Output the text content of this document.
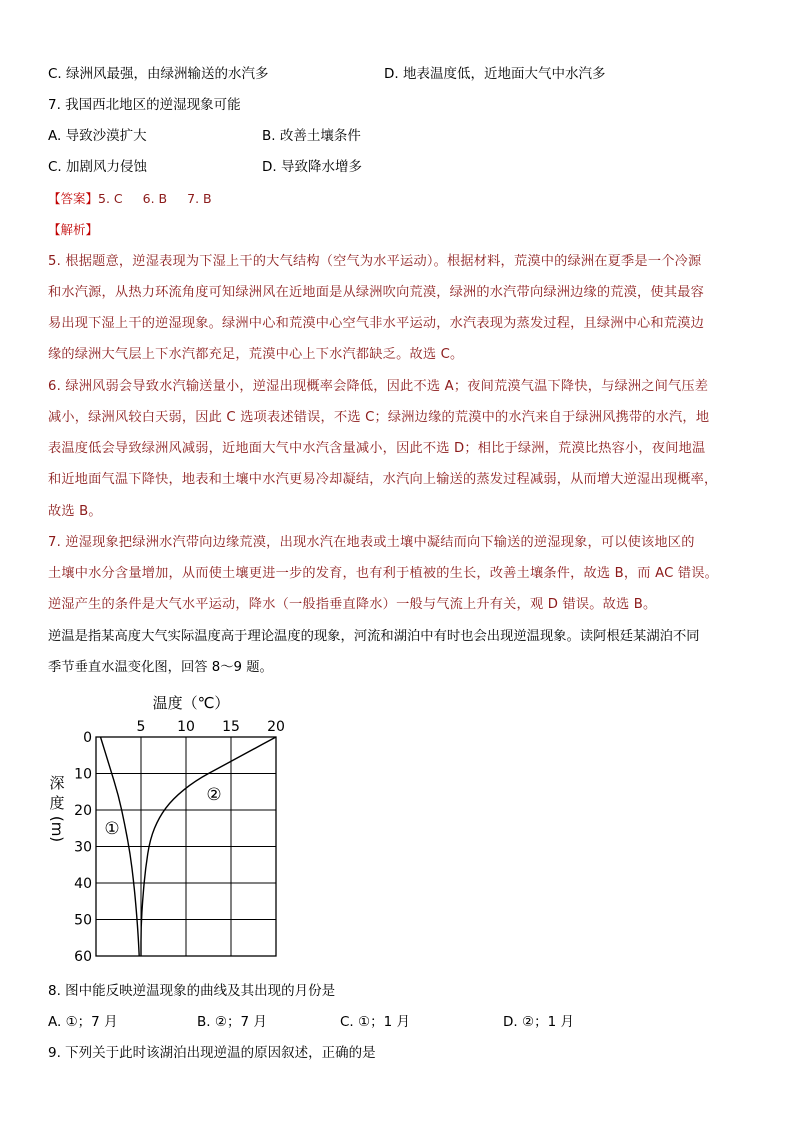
C. 绿洲风最强，由绿洲输送的水汽多	D. 地表温度低，近地面大气中水汽多
7. 我国西北地区的逆湿现象可能
A. 导致沙漠扩大	B. 改善土壤条件
C. 加剧风力侵蚀	D. 导致降水增多
【答案】5. C 6. B 7. B
【解析】
5. 根据题意，逆湿表现为下湿上干的大气结构（空气为水平运动）。根据材料，荒漠中的绿洲在夏季是一个冷源
和水汽源，从热力环流角度可知绿洲风在近地面是从绿洲吹向荒漠，绿洲的水汽带向绿洲边缘的荒漠，使其最容
易出现下湿上干的逆湿现象。绿洲中心和荒漠中心空气非水平运动，水汽表现为蒸发过程，且绿洲中心和荒漠边
缘的绿洲大气层上下水汽都充足，荒漠中心上下水汽都缺乏。故选 C。
6. 绿洲风弱会导致水汽输送量小，逆湿出现概率会降低，因此不选 A；夜间荒漠气温下降快，与绿洲之间气压差
减小，绿洲风较白天弱，因此 C 选项表述错误，不选 C；绿洲边缘的荒漠中的水汽来自于绿洲风携带的水汽，地
表温度低会导致绿洲风减弱，近地面大气中水汽含量减小，因此不选 D；相比于绿洲，荒漠比热容小，夜间地温
和近地面气温下降快，地表和土壤中水汽更易冷却凝结，水汽向上输送的蒸发过程减弱，从而增大逆湿出现概率，
故选 B。
7. 逆湿现象把绿洲水汽带向边缘荒漠，出现水汽在地表或土壤中凝结而向下输送的逆湿现象，可以使该地区的
土壤中水分含量增加，从而使土壤更进一步的发育，也有利于植被的生长，改善土壤条件，故选 B，而 AC 错误。
逆湿产生的条件是大气水平运动，降水（一般指垂直降水）一般与气流上升有关，观 D 错误。故选 B。
逆温是指某高度大气实际温度高于理论温度的现象，河流和湖泊中有时也会出现逆温现象。读阿根廷某湖泊不同
季节垂直水温变化图，回答 8～9 题。
温度（℃）
5 10 15 20
0
10
20
30
40
50
60
①
②
深
度
(m)
8. 图中能反映逆温现象的曲线及其出现的月份是
A. ①；7 月	B. ②；7 月	C. ①；1 月	D. ②；1 月
9. 下列关于此时该湖泊出现逆温的原因叙述，正确的是
